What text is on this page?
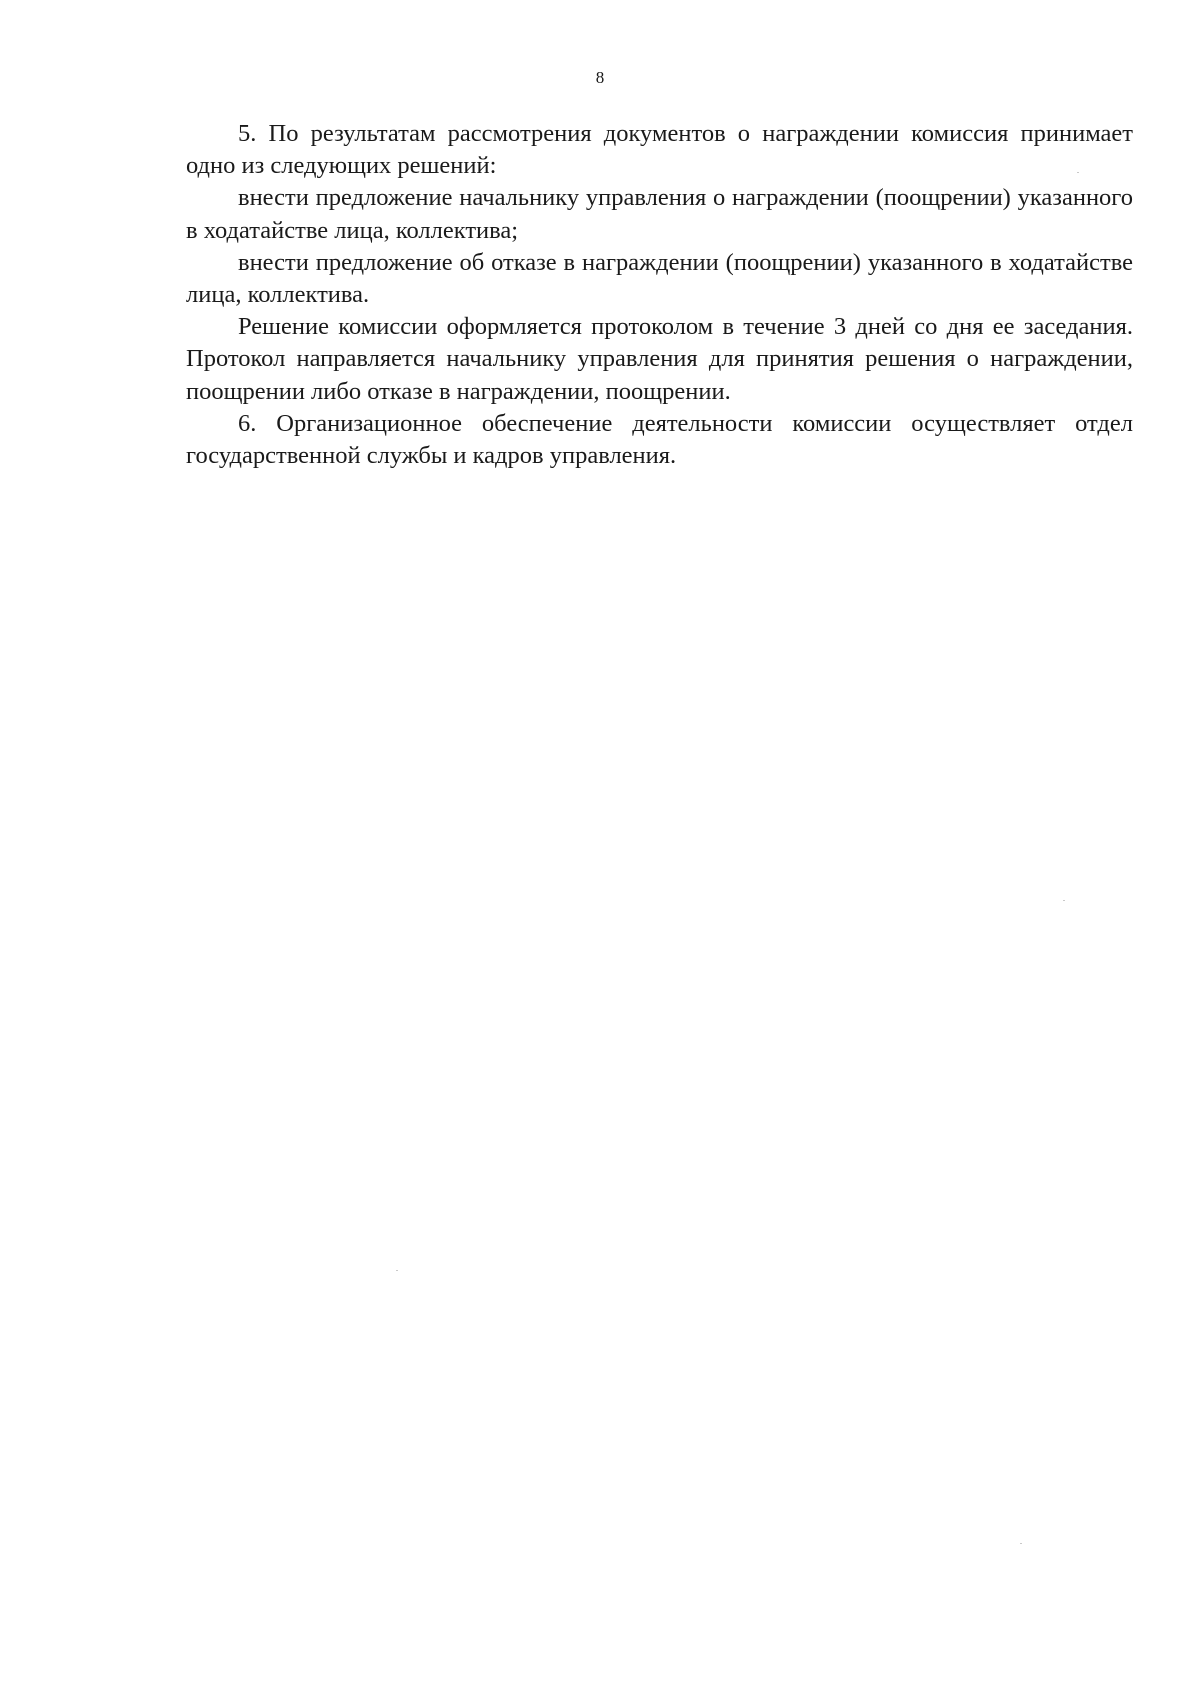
8

5. По результатам рассмотрения документов о награждении комиссия принимает одно из следующих решений:

внести предложение начальнику управления о награждении (поощрении) указанного в ходатайстве лица, коллектива;

внести предложение об отказе в награждении (поощрении) указанного в ходатайстве лица, коллектива.

Решение комиссии оформляется протоколом в течение 3 дней со дня ее заседания. Протокол направляется начальнику управления для принятия решения о награждении, поощрении либо отказе в награждении, поощрении.

6. Организационное обеспечение деятельности комиссии осуществляет отдел государственной службы и кадров управления.
